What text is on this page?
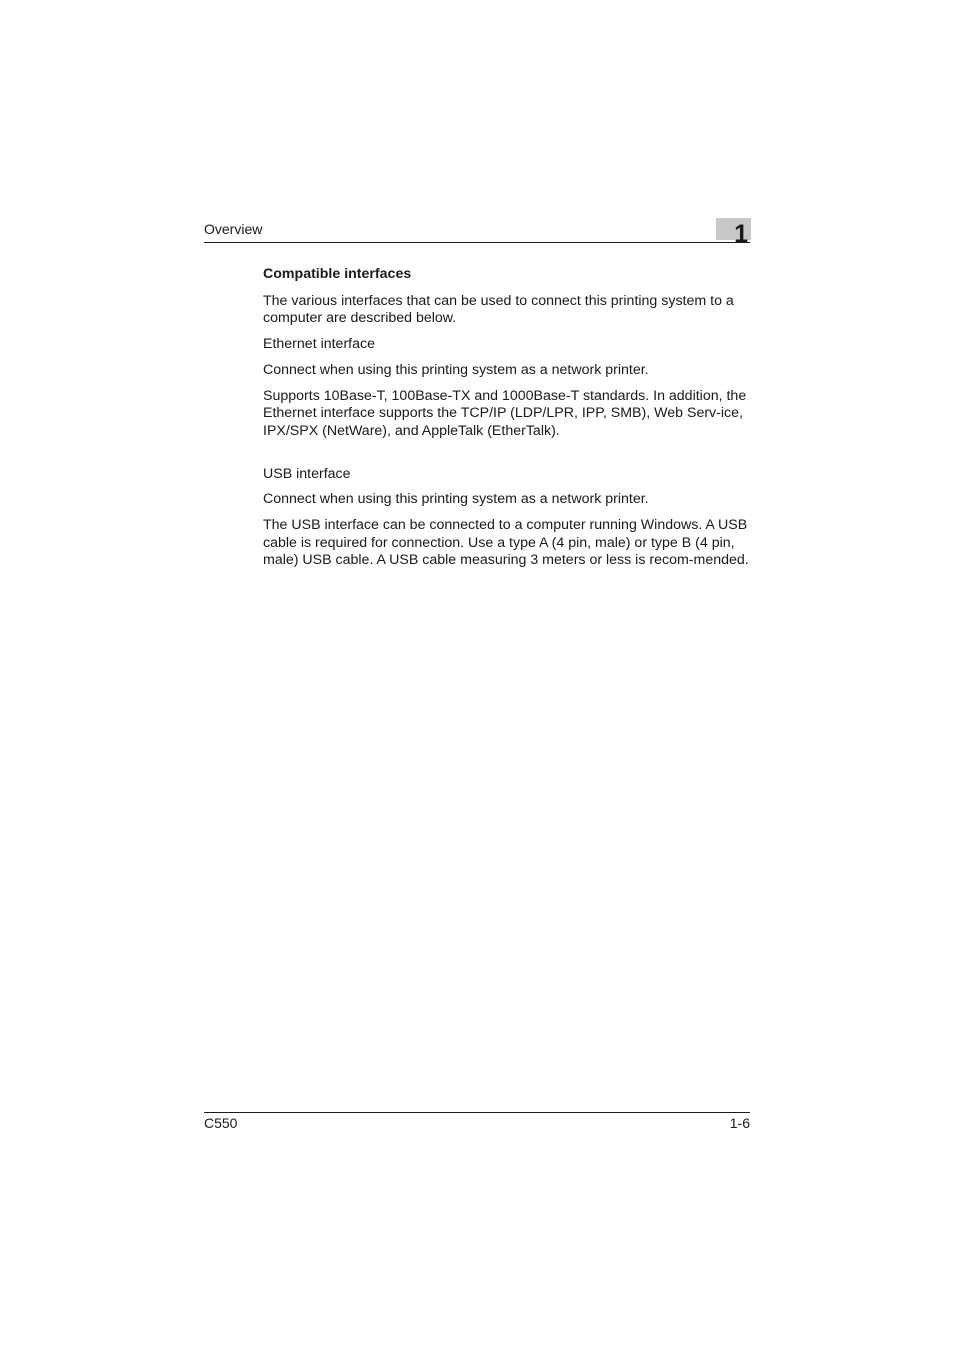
Overview	1

Compatible interfaces

The various interfaces that can be used to connect this printing system to a computer are described below.

Ethernet interface

Connect when using this printing system as a network printer.

Supports 10Base-T, 100Base-TX and 1000Base-T standards. In addition, the Ethernet interface supports the TCP/IP (LDP/LPR, IPP, SMB), Web Serv-ice, IPX/SPX (NetWare), and AppleTalk (EtherTalk).

USB interface

Connect when using this printing system as a network printer.

The USB interface can be connected to a computer running Windows. A USB cable is required for connection. Use a type A (4 pin, male) or type B (4 pin, male) USB cable. A USB cable measuring 3 meters or less is recom-mended.

C550	1-6
